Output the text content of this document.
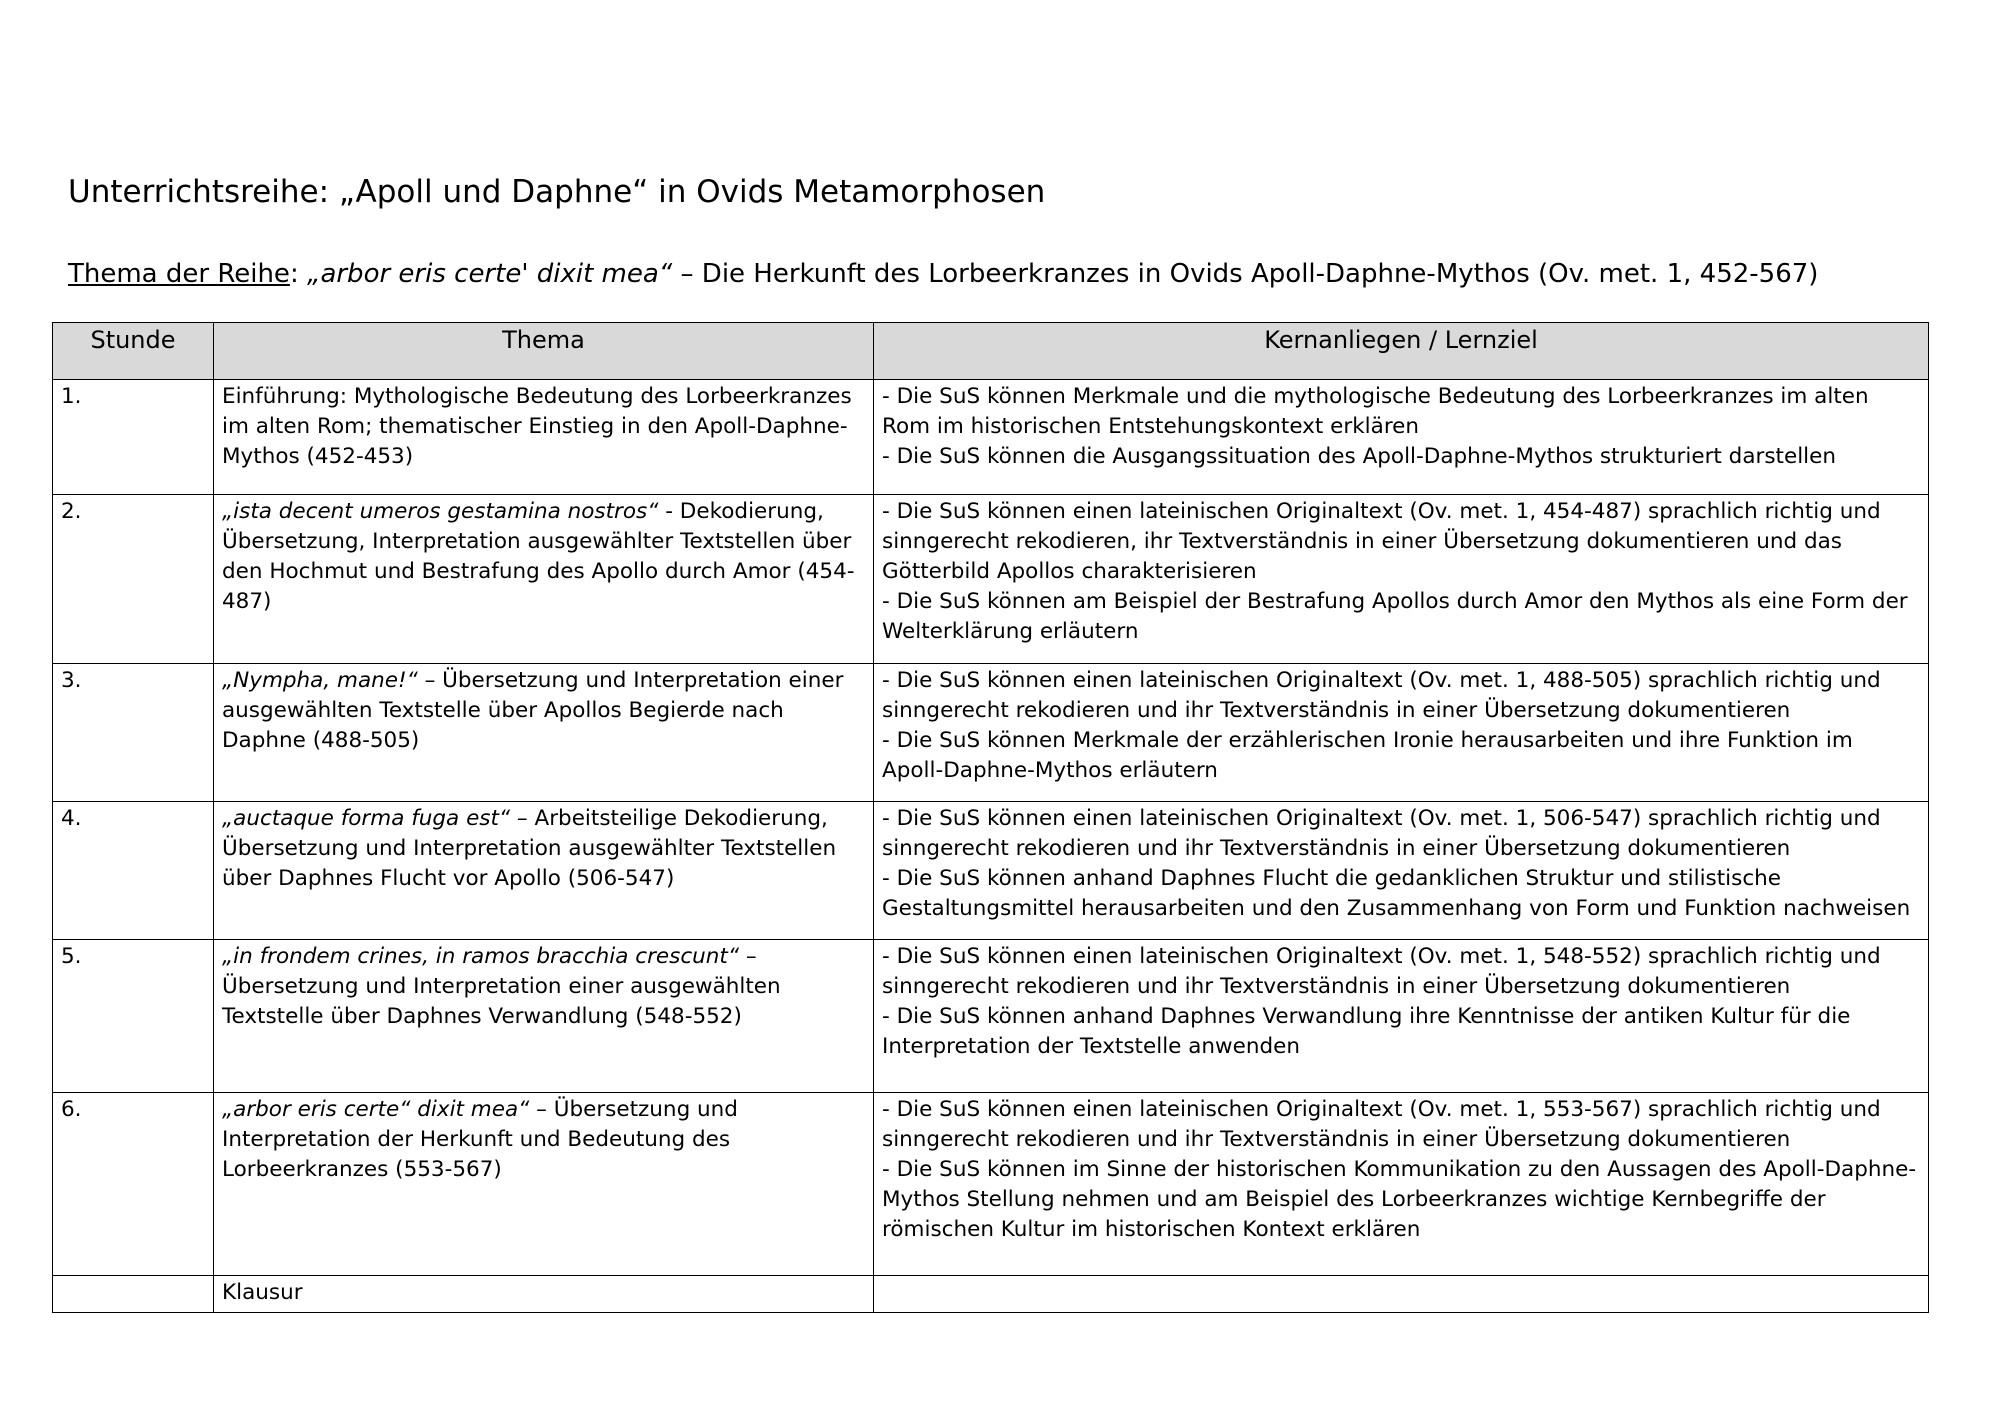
Unterrichtsreihe: „Apoll und Daphne“ in Ovids Metamorphosen
Thema der Reihe: „arbor eris certe' dixit mea“ – Die Herkunft des Lorbeerkranzes in Ovids Apoll-Daphne-Mythos (Ov. met. 1, 452-567)
Stunde	Thema	Kernanliegen / Lernziel
1.	Einführung: Mythologische Bedeutung des Lorbeerkranzes im alten Rom; thematischer Einstieg in den Apoll-Daphne-Mythos (452-453)	- Die SuS können Merkmale und die mythologische Bedeutung des Lorbeerkranzes im alten Rom im historischen Entstehungskontext erklären
- Die SuS können die Ausgangssituation des Apoll-Daphne-Mythos strukturiert darstellen

2.	„ista decent umeros gestamina nostros“ - Dekodierung, Übersetzung, Interpretation ausgewählter Textstellen über den Hochmut und Bestrafung des Apollo durch Amor (454-487)	- Die SuS können einen lateinischen Originaltext (Ov. met. 1, 454-487) sprachlich richtig und sinngerecht rekodieren, ihr Textverständnis in einer Übersetzung dokumentieren und das Götterbild Apollos charakterisieren
- Die SuS können am Beispiel der Bestrafung Apollos durch Amor den Mythos als eine Form der Welterklärung erläutern

3.	„Nympha, mane!“ – Übersetzung und Interpretation einer ausgewählten Textstelle über Apollos Begierde nach Daphne (488-505)	- Die SuS können einen lateinischen Originaltext (Ov. met. 1, 488-505) sprachlich richtig und sinngerecht rekodieren und ihr Textverständnis in einer Übersetzung dokumentieren
- Die SuS können Merkmale der erzählerischen Ironie herausarbeiten und ihre Funktion im Apoll-Daphne-Mythos erläutern

4.	„auctaque forma fuga est“ – Arbeitsteilige Dekodierung, Übersetzung und Interpretation ausgewählter Textstellen über Daphnes Flucht vor Apollo (506-547)	- Die SuS können einen lateinischen Originaltext (Ov. met. 1, 506-547) sprachlich richtig und sinngerecht rekodieren und ihr Textverständnis in einer Übersetzung dokumentieren
- Die SuS können anhand Daphnes Flucht die gedanklichen Struktur und stilistische Gestaltungsmittel herausarbeiten und den Zusammenhang von Form und Funktion nachweisen

5.	„in frondem crines, in ramos bracchia crescunt“ – Übersetzung und Interpretation einer ausgewählten Textstelle über Daphnes Verwandlung (548-552)	- Die SuS können einen lateinischen Originaltext (Ov. met. 1, 548-552) sprachlich richtig und sinngerecht rekodieren und ihr Textverständnis in einer Übersetzung dokumentieren
- Die SuS können anhand Daphnes Verwandlung ihre Kenntnisse der antiken Kultur für die Interpretation der Textstelle anwenden

6.	„arbor eris certe“ dixit mea“ – Übersetzung und Interpretation der Herkunft und Bedeutung des Lorbeerkranzes (553-567)	- Die SuS können einen lateinischen Originaltext (Ov. met. 1, 553-567) sprachlich richtig und sinngerecht rekodieren und ihr Textverständnis in einer Übersetzung dokumentieren
- Die SuS können im Sinne der historischen Kommunikation zu den Aussagen des Apoll-Daphne-Mythos Stellung nehmen und am Beispiel des Lorbeerkranzes wichtige Kernbegriffe der römischen Kultur im historischen Kontext erklären

	Klausur	
